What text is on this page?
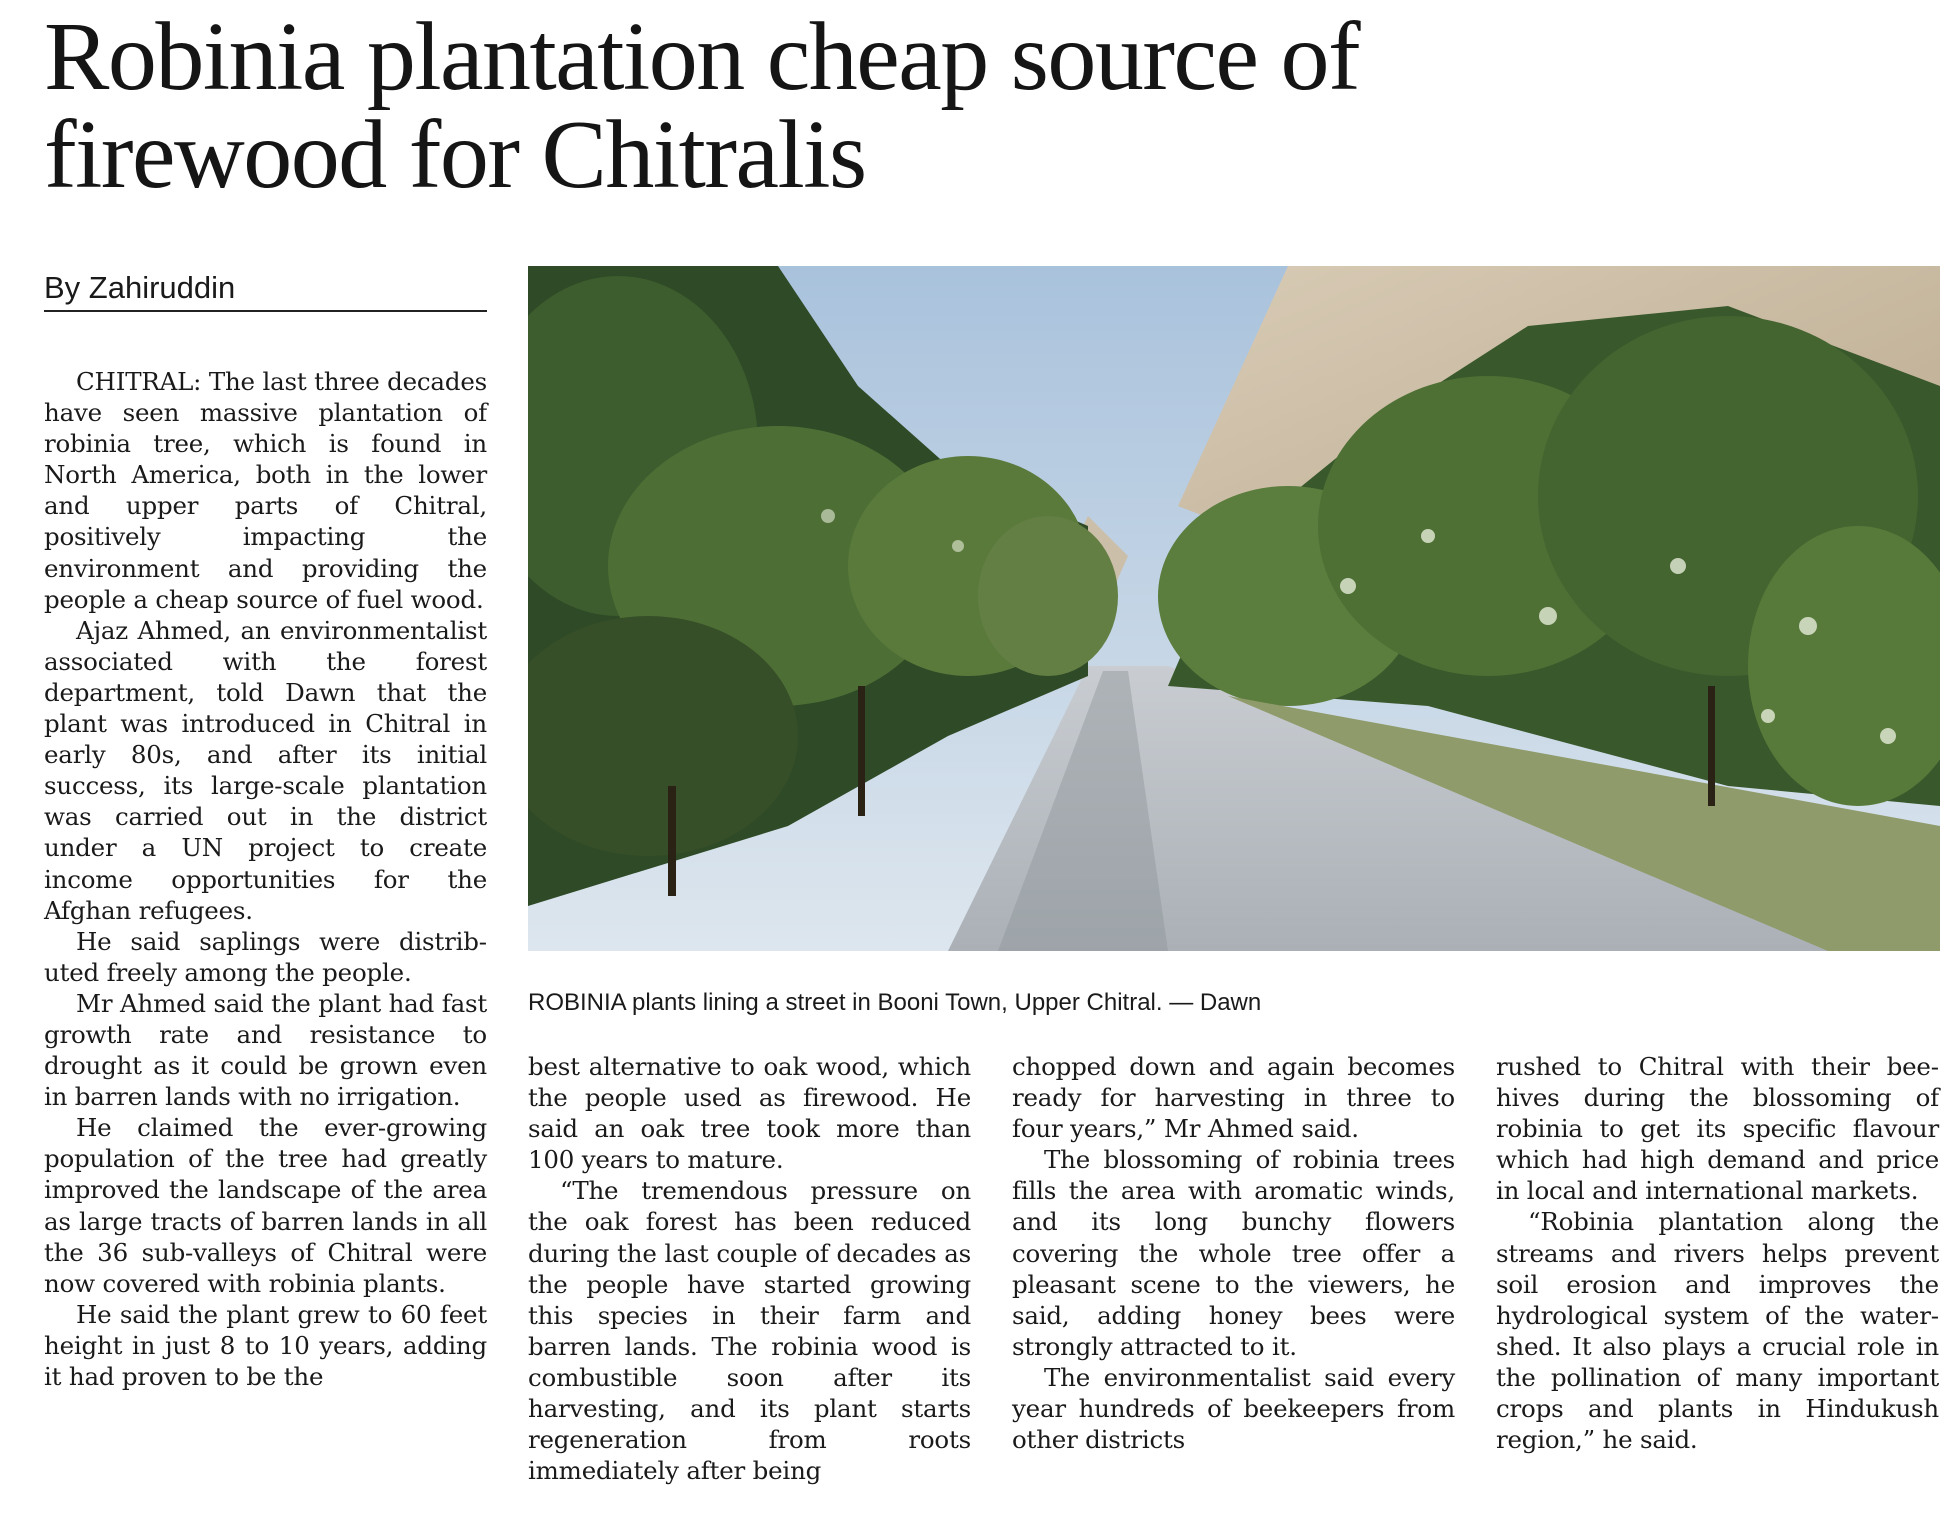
Robinia plantation cheap source of
firewood for Chitralis
By Zahiruddin

CHITRAL: The last three decades have seen massive plantation of robinia tree, which is found in North America, both in the lower and upper parts of Chitral, positively impacting the environment and providing the people a cheap source of fuel wood.

Ajaz Ahmed, an environmentalist associated with the forest department, told Dawn that the plant was introduced in Chitral in early 80s, and after its initial success, its large-scale plantation was carried out in the district under a UN project to create income opportunities for the Afghan refugees.

He said saplings were distributed freely among the people.

Mr Ahmed said the plant had fast growth rate and resistance to drought as it could be grown even in barren lands with no irrigation.

He claimed the ever-growing population of the tree had greatly improved the landscape of the area as large tracts of barren lands in all the 36 sub-valleys of Chitral were now covered with robinia plants.

He said the plant grew to 60 feet height in just 8 to 10 years, adding it had proven to be the

ROBINIA plants lining a street in Booni Town, Upper Chitral. — Dawn

best alternative to oak wood, which the people used as firewood. He said an oak tree took more than 100 years to mature.

“The tremendous pressure on the oak forest has been reduced during the last couple of decades as the people have started growing this species in their farm and barren lands. The robinia wood is combustible soon after its harvesting, and its plant starts regeneration from roots immediately after being

chopped down and again becomes ready for harvesting in three to four years,” Mr Ahmed said.

The blossoming of robinia trees fills the area with aromatic winds, and its long bunchy flowers covering the whole tree offer a pleasant scene to the viewers, he said, adding honey bees were strongly attracted to it.

The environmentalist said every year hundreds of beekeepers from other districts

rushed to Chitral with their beehives during the blossoming of robinia to get its specific flavour which had high demand and price in local and international markets.

“Robinia plantation along the streams and rivers helps prevent soil erosion and improves the hydrological system of the watershed. It also plays a crucial role in the pollination of many important crops and plants in Hindukush region,” he said.
